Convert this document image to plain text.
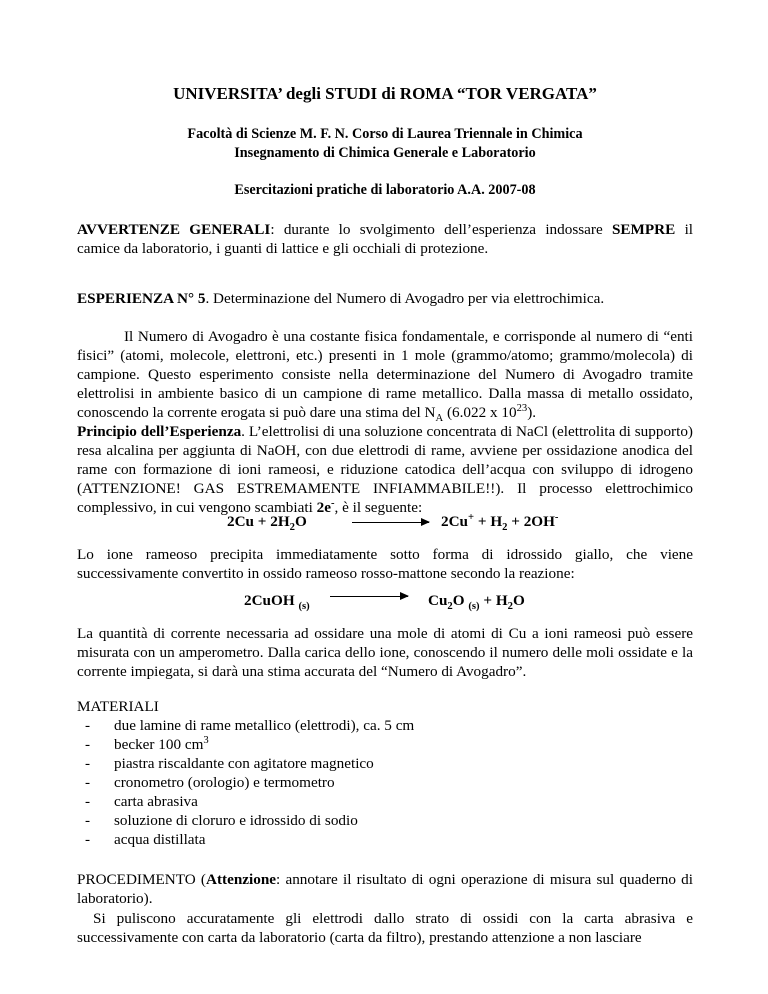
UNIVERSITA’ degli STUDI di ROMA “TOR VERGATA”

Facoltà di Scienze M. F. N. Corso di Laurea Triennale in Chimica

Insegnamento di Chimica Generale e Laboratorio

Esercitazioni pratiche di laboratorio A.A. 2007-08

AVVERTENZE GENERALI: durante lo svolgimento dell’esperienza indossare SEMPRE il camice da laboratorio, i guanti di lattice e gli occhiali di protezione.

ESPERIENZA N° 5. Determinazione del Numero di Avogadro per via elettrochimica.

Il Numero di Avogadro è una costante fisica fondamentale, e corrisponde al numero di “enti fisici” (atomi, molecole, elettroni, etc.) presenti in 1 mole (grammo/atomo; grammo/molecola) di campione. Questo esperimento consiste nella determinazione del Numero di Avogadro tramite elettrolisi in ambiente basico di un campione di rame metallico. Dalla massa di metallo ossidato, conoscendo la corrente erogata si può dare una stima del $N_A$ (6.022 x $10^{23}$).

Principio dell’Esperienza. L’elettrolisi di una soluzione concentrata di NaCl (elettrolita di supporto) resa alcalina per aggiunta di NaOH, con due elettrodi di rame, avviene per ossidazione anodica del rame con formazione di ioni rameosi, e riduzione catodica dell’acqua con sviluppo di idrogeno (ATTENZIONE! GAS ESTREMAMENTE INFIAMMABILE!!). Il processo elettrochimico complessivo, in cui vengono scambiati 2e-, è il seguente:

$2Cu + 2H_2O$	$2Cu^+ + H_2 + 2OH^-$

Lo ione rameoso precipita immediatamente sotto forma di idrossido giallo, che viene successivamente convertito in ossido rameoso rosso-mattone secondo la reazione:

2CuOH $_{(s)}$	$Cu_2O$ $_{(s)} + H_2O$

La quantità di corrente necessaria ad ossidare una mole di atomi di Cu a ioni rameosi può essere misurata con un amperometro. Dalla carica dello ione, conoscendo il numero delle moli ossidate e la corrente impiegata, si darà una stima accurata del “Numero di Avogadro”.

MATERIALI
- due lamine di rame metallico (elettrodi), ca. 5 cm
- becker 100 $cm^3$
- piastra riscaldante con agitatore magnetico
- cronometro (orologio) e termometro
- carta abrasiva
- soluzione di cloruro e idrossido di sodio
- acqua distillata

PROCEDIMENTO (Attenzione: annotare il risultato di ogni operazione di misura sul quaderno di laboratorio).

Si puliscono accuratamente gli elettrodi dallo strato di ossidi con la carta abrasiva e successivamente con carta da laboratorio (carta da filtro), prestando attenzione a non lasciare
